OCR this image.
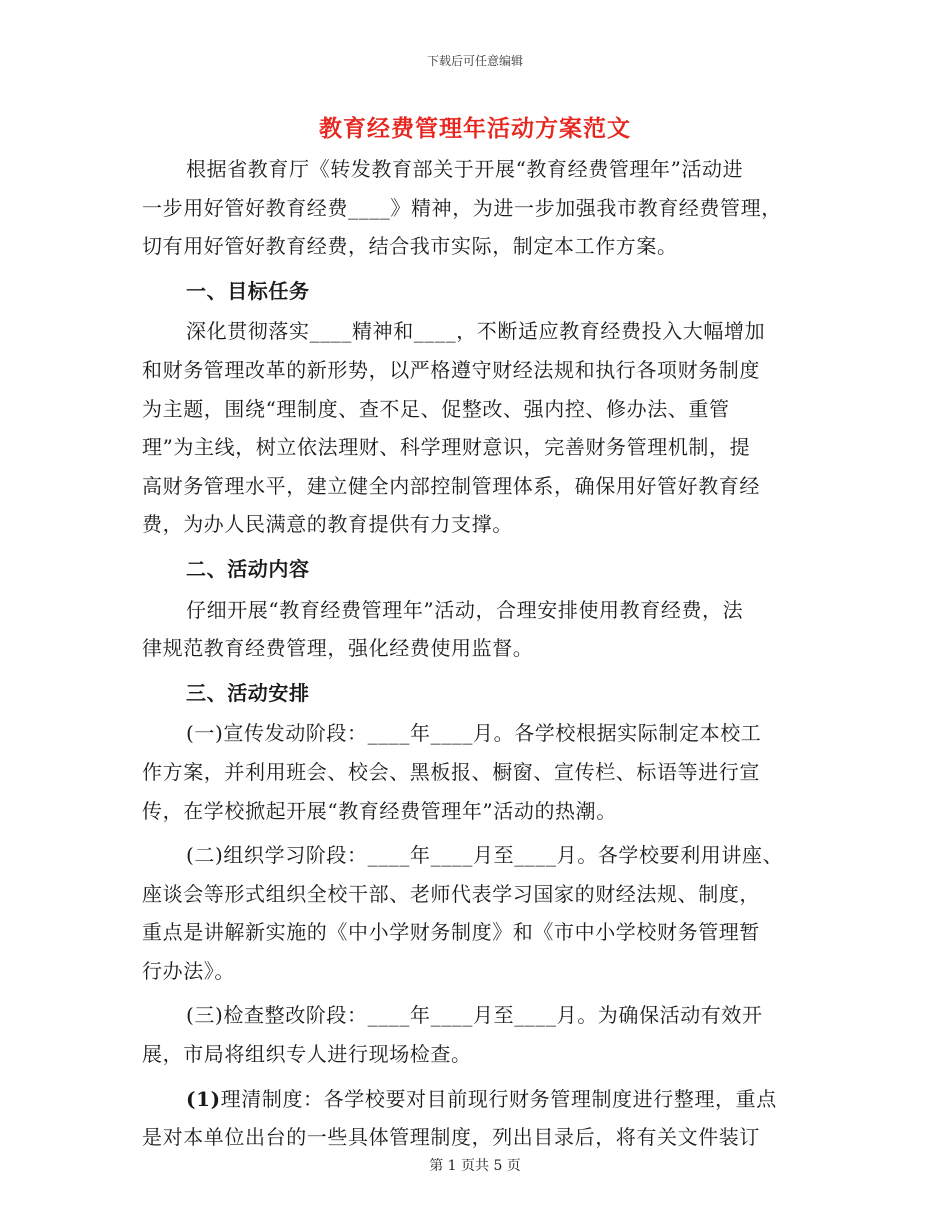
下载后可任意编辑
教育经费管理年活动方案范文
根据省教育厅《转发教育部关于开展“教育经费管理年”活动进
一步用好管好教育经费____》精神，为进一步加强我市教育经费管理，
切有用好管好教育经费，结合我市实际，制定本工作方案。
一、目标任务
深化贯彻落实____精神和____，不断适应教育经费投入大幅增加
和财务管理改革的新形势，以严格遵守财经法规和执行各项财务制度
为主题，围绕“理制度、查不足、促整改、强内控、修办法、重管
理”为主线，树立依法理财、科学理财意识，完善财务管理机制，提
高财务管理水平，建立健全内部控制管理体系，确保用好管好教育经
费，为办人民满意的教育提供有力支撑。
二、活动内容
仔细开展“教育经费管理年”活动，合理安排使用教育经费，法
律规范教育经费管理，强化经费使用监督。
三、活动安排
(一)宣传发动阶段：____年____月。各学校根据实际制定本校工
作方案，并利用班会、校会、黑板报、橱窗、宣传栏、标语等进行宣
传，在学校掀起开展“教育经费管理年”活动的热潮。
(二)组织学习阶段：____年____月至____月。各学校要利用讲座、
座谈会等形式组织全校干部、老师代表学习国家的财经法规、制度，
重点是讲解新实施的《中小学财务制度》和《市中小学校财务管理暂
行办法》。
(三)检查整改阶段：____年____月至____月。为确保活动有效开
展，市局将组织专人进行现场检查。
(1)理清制度：各学校要对目前现行财务管理制度进行整理，重点
是对本单位出台的一些具体管理制度，列出目录后，将有关文件装订
第 1 页共 5 页
